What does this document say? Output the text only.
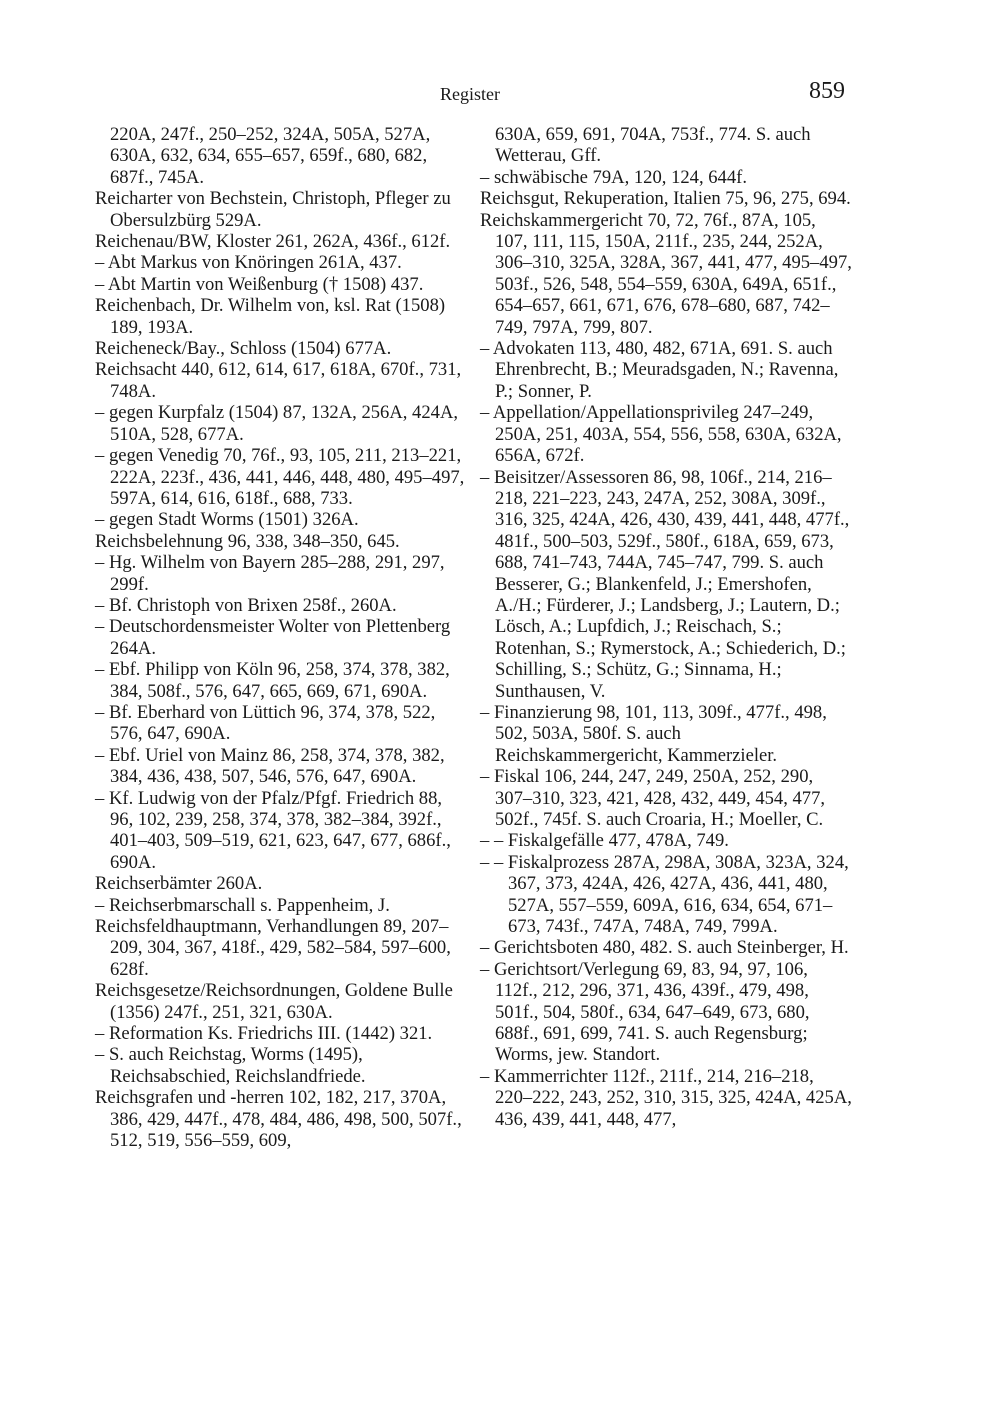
Register	859

220A, 247f., 250–252, 324A, 505A, 527A, 630A, 632, 634, 655–657, 659f., 680, 682, 687f., 745A.

Reicharter von Bechstein, Christoph, Pfleger zu Obersulzbürg 529A.

Reichenau/BW, Kloster 261, 262A, 436f., 612f.

– Abt Markus von Knöringen 261A, 437.

– Abt Martin von Weißenburg († 1508) 437.

Reichenbach, Dr. Wilhelm von, ksl. Rat (1508) 189, 193A.

Reicheneck/Bay., Schloss (1504) 677A.

Reichsacht 440, 612, 614, 617, 618A, 670f., 731, 748A.

– gegen Kurpfalz (1504) 87, 132A, 256A, 424A, 510A, 528, 677A.

– gegen Venedig 70, 76f., 93, 105, 211, 213–221, 222A, 223f., 436, 441, 446, 448, 480, 495–497, 597A, 614, 616, 618f., 688, 733.

– gegen Stadt Worms (1501) 326A.

Reichsbelehnung 96, 338, 348–350, 645.

– Hg. Wilhelm von Bayern 285–288, 291, 297, 299f.

– Bf. Christoph von Brixen 258f., 260A.

– Deutschordensmeister Wolter von Plettenberg 264A.

– Ebf. Philipp von Köln 96, 258, 374, 378, 382, 384, 508f., 576, 647, 665, 669, 671, 690A.

– Bf. Eberhard von Lüttich 96, 374, 378, 522, 576, 647, 690A.

– Ebf. Uriel von Mainz 86, 258, 374, 378, 382, 384, 436, 438, 507, 546, 576, 647, 690A.

– Kf. Ludwig von der Pfalz/Pfgf. Friedrich 88, 96, 102, 239, 258, 374, 378, 382–384, 392f., 401–403, 509–519, 621, 623, 647, 677, 686f., 690A.

Reichserbämter 260A.

– Reichserbmarschall s. Pappenheim, J.

Reichsfeldhauptmann, Verhandlungen 89, 207–209, 304, 367, 418f., 429, 582–584, 597–600, 628f.

Reichsgesetze/Reichsordnungen, Goldene Bulle (1356) 247f., 251, 321, 630A.

– Reformation Ks. Friedrichs III. (1442) 321.

– S. auch Reichstag, Worms (1495), Reichsabschied, Reichslandfriede.

Reichsgrafen und -herren 102, 182, 217, 370A, 386, 429, 447f., 478, 484, 486, 498, 500, 507f., 512, 519, 556–559, 609,

630A, 659, 691, 704A, 753f., 774. S. auch Wetterau, Gff.

– schwäbische 79A, 120, 124, 644f.

Reichsgut, Rekuperation, Italien 75, 96, 275, 694.

Reichskammergericht 70, 72, 76f., 87A, 105, 107, 111, 115, 150A, 211f., 235, 244, 252A, 306–310, 325A, 328A, 367, 441, 477, 495–497, 503f., 526, 548, 554–559, 630A, 649A, 651f., 654–657, 661, 671, 676, 678–680, 687, 742–749, 797A, 799, 807.

– Advokaten 113, 480, 482, 671A, 691. S. auch Ehrenbrecht, B.; Meuradsgaden, N.; Ravenna, P.; Sonner, P.

– Appellation/Appellationsprivileg 247–249, 250A, 251, 403A, 554, 556, 558, 630A, 632A, 656A, 672f.

– Beisitzer/Assessoren 86, 98, 106f., 214, 216–218, 221–223, 243, 247A, 252, 308A, 309f., 316, 325, 424A, 426, 430, 439, 441, 448, 477f., 481f., 500–503, 529f., 580f., 618A, 659, 673, 688, 741–743, 744A, 745–747, 799. S. auch Besserer, G.; Blankenfeld, J.; Emershofen, A./H.; Fürderer, J.; Landsberg, J.; Lautern, D.; Lösch, A.; Lupfdich, J.; Reischach, S.; Rotenhan, S.; Rymerstock, A.; Schiederich, D.; Schilling, S.; Schütz, G.; Sinnama, H.; Sunthausen, V.

– Finanzierung 98, 101, 113, 309f., 477f., 498, 502, 503A, 580f. S. auch Reichskammergericht, Kammerzieler.

– Fiskal 106, 244, 247, 249, 250A, 252, 290, 307–310, 323, 421, 428, 432, 449, 454, 477, 502f., 745f. S. auch Croaria, H.; Moeller, C.

– – Fiskalgefälle 477, 478A, 749.

– – Fiskalprozess 287A, 298A, 308A, 323A, 324, 367, 373, 424A, 426, 427A, 436, 441, 480, 527A, 557–559, 609A, 616, 634, 654, 671–673, 743f., 747A, 748A, 749, 799A.

– Gerichtsboten 480, 482. S. auch Steinberger, H.

– Gerichtsort/Verlegung 69, 83, 94, 97, 106, 112f., 212, 296, 371, 436, 439f., 479, 498, 501f., 504, 580f., 634, 647–649, 673, 680, 688f., 691, 699, 741. S. auch Regensburg; Worms, jew. Standort.

– Kammerrichter 112f., 211f., 214, 216–218, 220–222, 243, 252, 310, 315, 325, 424A, 425A, 436, 439, 441, 448, 477,
